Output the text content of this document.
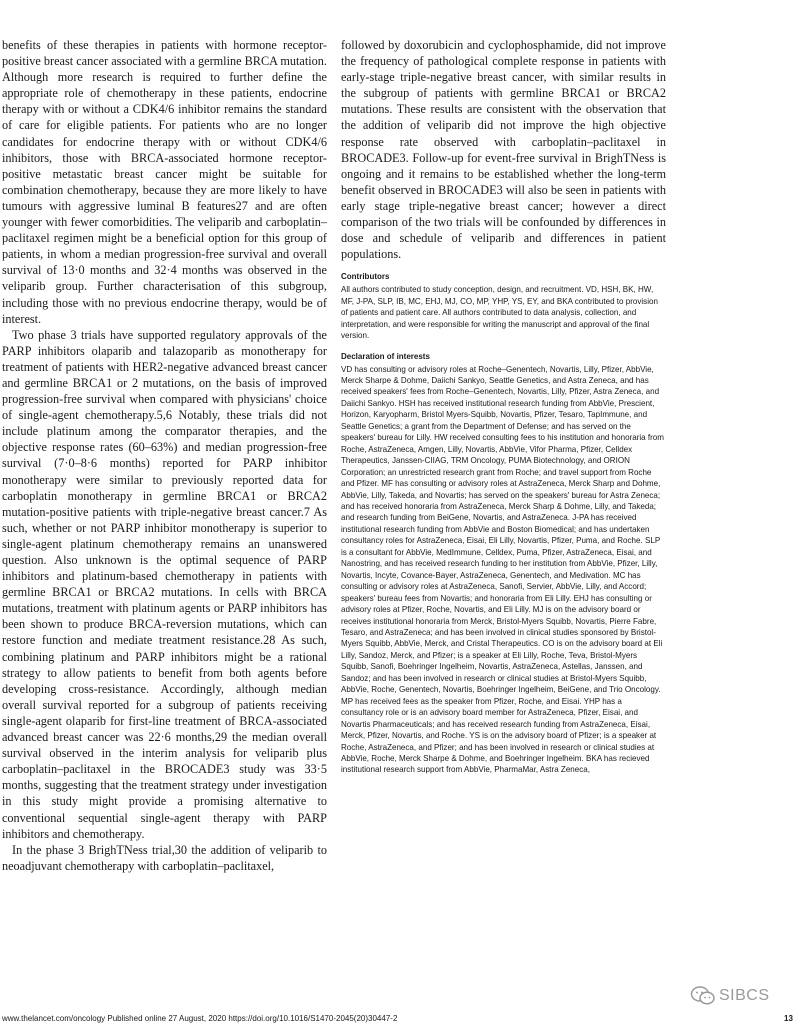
benefits of these therapies in patients with hormone receptor-positive breast cancer associated with a germline BRCA mutation. Although more research is required to further define the appropriate role of chemotherapy in these patients, endocrine therapy with or without a CDK4/6 inhibitor remains the standard of care for eligible patients. For patients who are no longer candidates for endocrine therapy with or without CDK4/6 inhibitors, those with BRCA-associated hormone receptor-positive metastatic breast cancer might be suitable for combination chemotherapy, because they are more likely to have tumours with aggressive luminal B features27 and are often younger with fewer comorbidities. The veliparib and carboplatin–paclitaxel regimen might be a beneficial option for this group of patients, in whom a median progression-free survival and overall survival of 13·0 months and 32·4 months was observed in the veliparib group. Further characterisation of this subgroup, including those with no previous endocrine therapy, would be of interest.

Two phase 3 trials have supported regulatory approvals of the PARP inhibitors olaparib and talazoparib as monotherapy for treatment of patients with HER2-negative advanced breast cancer and germline BRCA1 or 2 mutations, on the basis of improved progression-free survival when compared with physicians' choice of single-agent chemotherapy.5,6 Notably, these trials did not include platinum among the comparator therapies, and the objective response rates (60–63%) and median progression-free survival (7·0–8·6 months) reported for PARP inhibitor monotherapy were similar to previously reported data for carboplatin monotherapy in germline BRCA1 or BRCA2 mutation-positive patients with triple-negative breast cancer.7 As such, whether or not PARP inhibitor monotherapy is superior to single-agent platinum chemotherapy remains an unanswered question. Also unknown is the optimal sequence of PARP inhibitors and platinum-based chemotherapy in patients with germline BRCA1 or BRCA2 mutations. In cells with BRCA mutations, treatment with platinum agents or PARP inhibitors has been shown to produce BRCA-reversion mutations, which can restore function and mediate treatment resistance.28 As such, combining platinum and PARP inhibitors might be a rational strategy to allow patients to benefit from both agents before developing cross-resistance. Accordingly, although median overall survival reported for a subgroup of patients receiving single-agent olaparib for first-line treatment of BRCA-associated advanced breast cancer was 22·6 months,29 the median overall survival observed in the interim analysis for veliparib plus carboplatin–paclitaxel in the BROCADE3 study was 33·5 months, suggesting that the treatment strategy under investigation in this study might provide a promising alternative to conventional sequential single-agent therapy with PARP inhibitors and chemotherapy.

In the phase 3 BrighTNess trial,30 the addition of veliparib to neoadjuvant chemotherapy with carboplatin–paclitaxel,

followed by doxorubicin and cyclophosphamide, did not improve the frequency of pathological complete response in patients with early-stage triple-negative breast cancer, with similar results in the subgroup of patients with germline BRCA1 or BRCA2 mutations. These results are consistent with the observation that the addition of veliparib did not improve the high objective response rate observed with carboplatin–paclitaxel in BROCADE3. Follow-up for event-free survival in BrighTNess is ongoing and it remains to be established whether the long-term benefit observed in BROCADE3 will also be seen in patients with early stage triple-negative breast cancer; however a direct comparison of the two trials will be confounded by differences in dose and schedule of veliparib and differences in patient populations.

Contributors

All authors contributed to study conception, design, and recruitment. VD, HSH, BK, HW, MF, J-PA, SLP, IB, MC, EHJ, MJ, CO, MP, YHP, YS, EY, and BKA contributed to provision of patients and patient care. All authors contributed to data analysis, collection, and interpretation, and were responsible for writing the manuscript and approval of the final version.

Declaration of interests

VD has consulting or advisory roles at Roche–Genentech, Novartis, Lilly, Pfizer, AbbVie, Merck Sharpe & Dohme, Daiichi Sankyo, Seattle Genetics, and Astra Zeneca, and has received speakers' fees from Roche–Genentech, Novartis, Lilly, Pfizer, Astra Zeneca, and Daiichi Sankyo. HSH has received institutional research funding from AbbVie, Prescient, Horizon, Karyopharm, Bristol Myers-Squibb, Novartis, Pfizer, Tesaro, TapImmune, and Seattle Genetics; a grant from the Department of Defense; and has served on the speakers' bureau for Lilly. HW received consulting fees to his institution and honoraria from Roche, AstraZeneca, Amgen, Lilly, Novartis, AbbVie, Vifor Pharma, Pfizer, Celldex Therapeutics, Janssen-CIIAG, TRM Oncology, PUMA Biotechnology, and ORION Corporation; an unrestricted research grant from Roche; and travel support from Roche and Pfizer. MF has consulting or advisory roles at AstraZeneca, Merck Sharp and Dohme, AbbVie, Lilly, Takeda, and Novartis; has served on the speakers' bureau for Astra Zeneca; and has received honoraria from AstraZeneca, Merck Sharp & Dohme, Lilly, and Takeda; and research funding from BeiGene, Novartis, and AstraZeneca. J-PA has received institutional research funding from AbbVie and Boston Biomedical; and has undertaken consultancy roles for AstraZeneca, Eisai, Eli Lilly, Novartis, Pfizer, Puma, and Roche. SLP is a consultant for AbbVie, MedImmune, Celldex, Puma, Pfizer, AstraZeneca, Eisai, and Nanostring, and has received research funding to her institution from AbbVie, Pfizer, Lilly, Novartis, Incyte, Covance-Bayer, AstraZeneca, Genentech, and Medivation. MC has consulting or advisory roles at AstraZeneca, Sanofi, Servier, AbbVie, Lilly, and Accord; speakers' bureau fees from Novartis; and honoraria from Eli Lilly. EHJ has consulting or advisory roles at Pfizer, Roche, Novartis, and Eli Lilly. MJ is on the advisory board or receives institutional honoraria from Merck, Bristol-Myers Squibb, Novartis, Pierre Fabre, Tesaro, and AstraZeneca; and has been involved in clinical studies sponsored by Bristol-Myers Squibb, AbbVie, Merck, and Cristal Therapeutics. CO is on the advisory board at Eli Lilly, Sandoz, Merck, and Pfizer; is a speaker at Eli Lilly, Roche, Teva, Bristol-Myers Squibb, Sanofi, Boehringer Ingelheim, Novartis, AstraZeneca, Astellas, Janssen, and Sandoz; and has been involved in research or clinical studies at Bristol-Myers Squibb, AbbVie, Roche, Genentech, Novartis, Boehringer Ingelheim, BeiGene, and Trio Oncology. MP has received fees as the speaker from Pfizer, Roche, and Eisai. YHP has a consultancy role or is an advisory board member for AstraZeneca, Pfizer, Eisai, and Novartis Pharmaceuticals; and has received research funding from AstraZeneca, Eisai, Merck, Pfizer, Novartis, and Roche. YS is on the advisory board of Pfizer; is a speaker at Roche, AstraZeneca, and Pfizer; and has been involved in research or clinical studies at AbbVie, Roche, Merck Sharpe & Dohme, and Boehringer Ingelheim. BKA has recieved institutional research support from AbbVie, PharmaMar, Astra Zeneca,

SIBCS
www.thelancet.com/oncology Published online 27 August, 2020 https://doi.org/10.1016/S1470-2045(20)30447-2	13
